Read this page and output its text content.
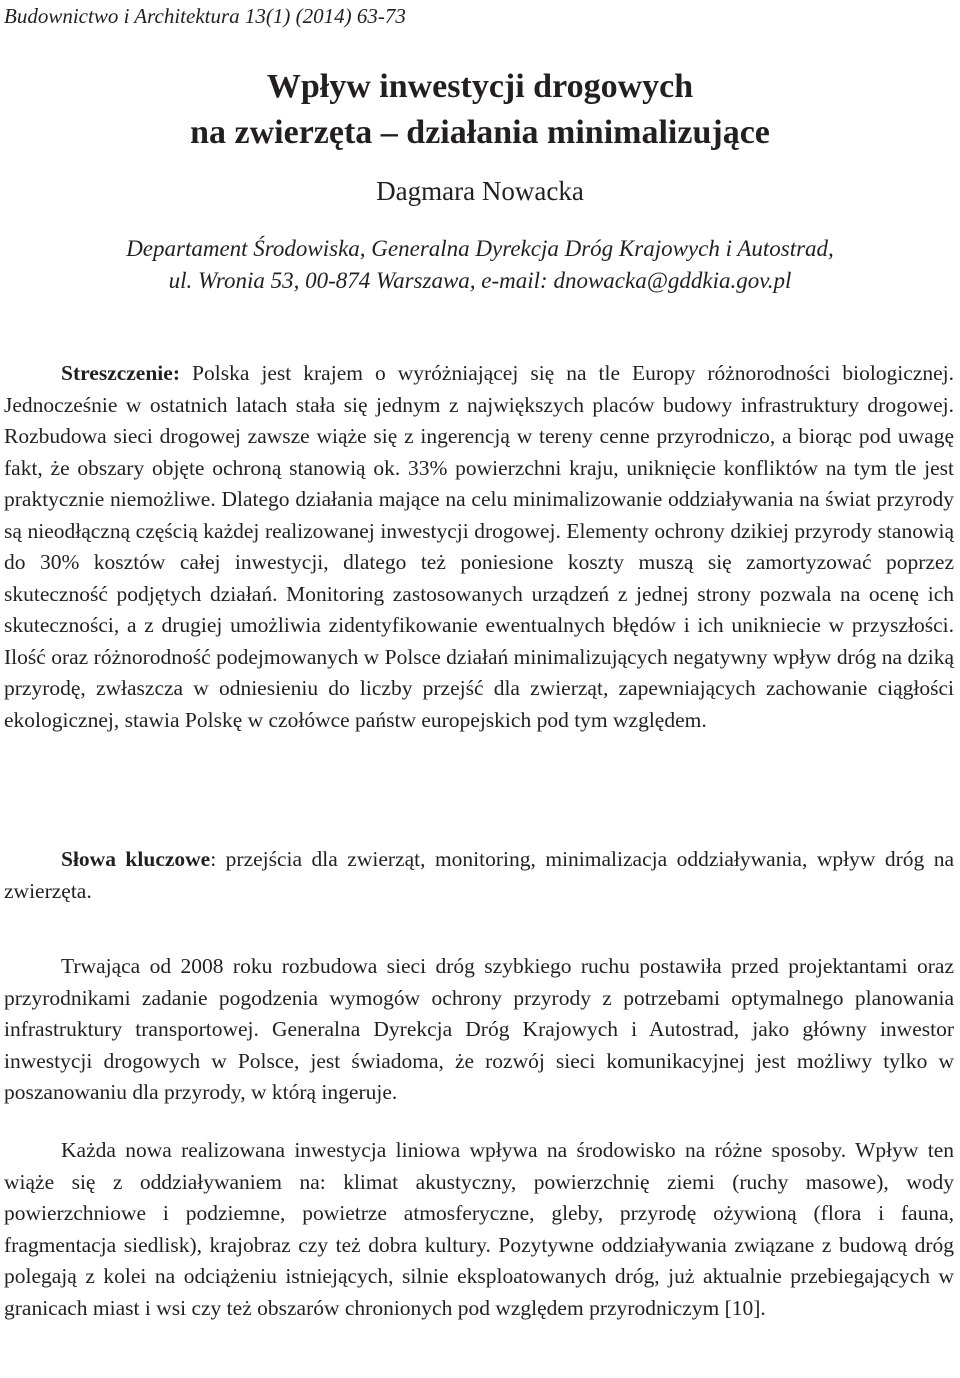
Budownictwo i Architektura 13(1) (2014) 63-73
Wpływ inwestycji drogowych
na zwierzęta – działania minimalizujące
Dagmara Nowacka
Departament Środowiska, Generalna Dyrekcja Dróg Krajowych i Autostrad,
ul. Wronia 53, 00-874 Warszawa, e-mail: dnowacka@gddkia.gov.pl

Streszczenie: Polska jest krajem o wyróżniającej się na tle Europy różnorodności biologicznej. Jednocześnie w ostatnich latach stała się jednym z największych placów budowy infrastruktury drogowej. Rozbudowa sieci drogowej zawsze wiąże się z ingerencją w tereny cenne przyrodniczo, a biorąc pod uwagę fakt, że obszary objęte ochroną stanowią ok. 33% powierzchni kraju, uniknięcie konfliktów na tym tle jest praktycznie niemożliwe. Dlatego działania mające na celu minimalizowanie oddziaływania na świat przyrody są nieodłączną częścią każdej realizowanej inwestycji drogowej. Elementy ochrony dzikiej przyrody stanowią do 30% kosztów całej inwestycji, dlatego też poniesione koszty muszą się zamortyzować poprzez skuteczność podjętych działań. Monitoring zastosowanych urządzeń z jednej strony pozwala na ocenę ich skuteczności, a z drugiej umożliwia zidentyfikowanie ewentualnych błędów i ich unikniecie w przyszłości. Ilość oraz różnorodność podejmowanych w Polsce działań minimalizujących negatywny wpływ dróg na dziką przyrodę, zwłaszcza w odniesieniu do liczby przejść dla zwierząt, zapewniających zachowanie ciągłości ekologicznej, stawia Polskę w czołówce państw europejskich pod tym względem.

Słowa kluczowe: przejścia dla zwierząt, monitoring, minimalizacja oddziaływania, wpływ dróg na zwierzęta.

Trwająca od 2008 roku rozbudowa sieci dróg szybkiego ruchu postawiła przed projektantami oraz przyrodnikami zadanie pogodzenia wymogów ochrony przyrody z potrzebami optymalnego planowania infrastruktury transportowej. Generalna Dyrekcja Dróg Krajowych i Autostrad, jako główny inwestor inwestycji drogowych w Polsce, jest świadoma, że rozwój sieci komunikacyjnej jest możliwy tylko w poszanowaniu dla przyrody, w którą ingeruje.

Każda nowa realizowana inwestycja liniowa wpływa na środowisko na różne sposoby. Wpływ ten wiąże się z oddziaływaniem na: klimat akustyczny, powierzchnię ziemi (ruchy masowe), wody powierzchniowe i podziemne, powietrze atmosferyczne, gleby, przyrodę ożywioną (flora i fauna, fragmentacja siedlisk), krajobraz czy też dobra kultury. Pozytywne oddziaływania związane z budową dróg polegają z kolei na odciążeniu istniejących, silnie eksploatowanych dróg, już aktualnie przebiegających w granicach miast i wsi czy też obszarów chronionych pod względem przyrodniczym [10].
